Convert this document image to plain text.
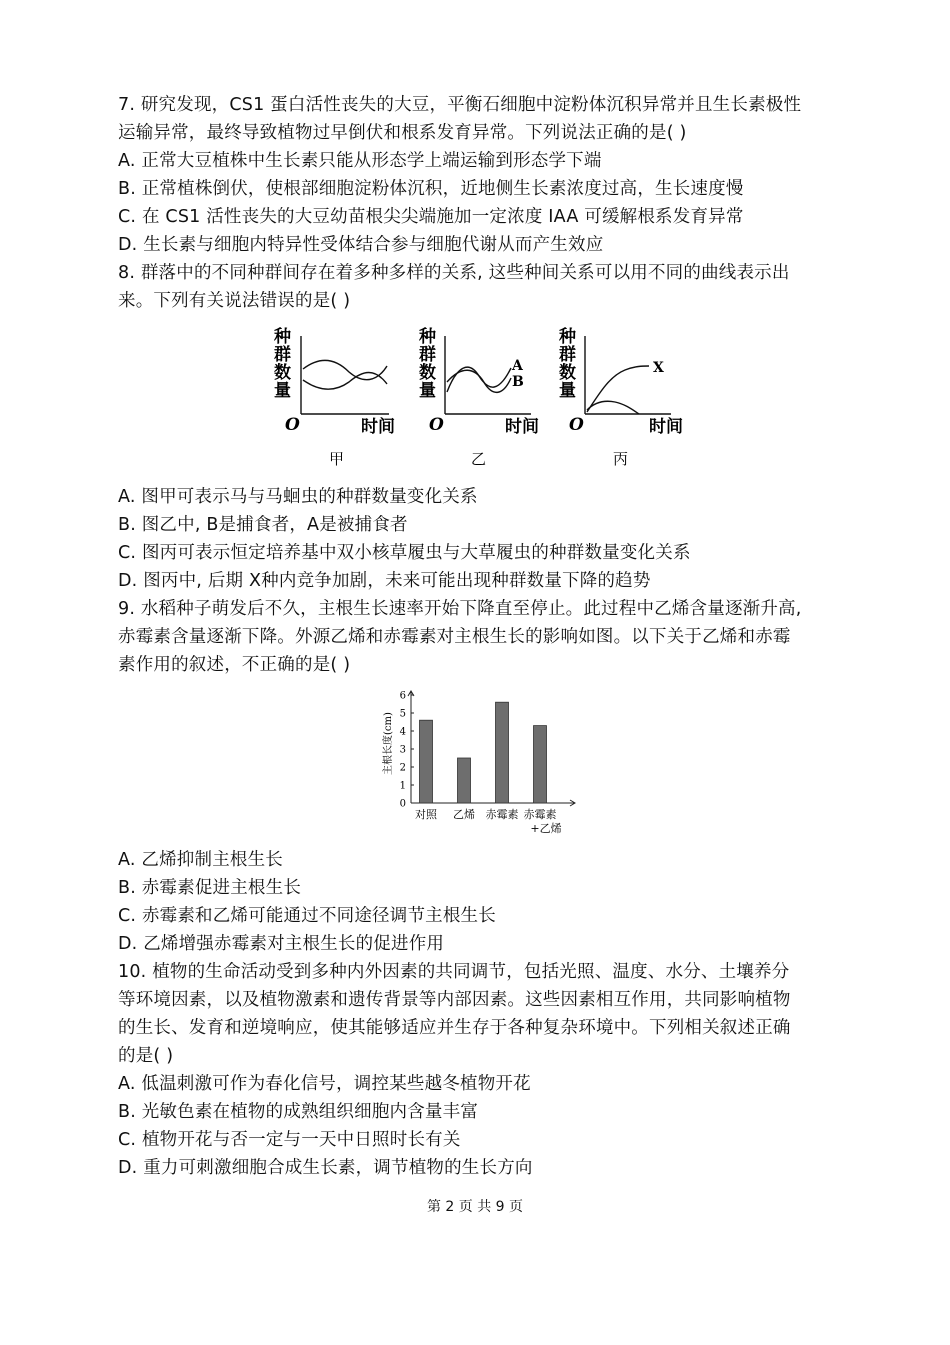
7. 研究发现，CS1 蛋白活性丧失的大豆，平衡石细胞中淀粉体沉积异常并且生长素极性
运输异常，最终导致植物过早倒伏和根系发育异常。下列说法正确的是( )
A. 正常大豆植株中生长素只能从形态学上端运输到形态学下端
B. 正常植株倒伏，使根部细胞淀粉体沉积，近地侧生长素浓度过高，生长速度慢
C. 在 CS1 活性丧失的大豆幼苗根尖尖端施加一定浓度 IAA 可缓解根系发育异常
D. 生长素与细胞内特异性受体结合参与细胞代谢从而产生效应
8. 群落中的不同种群间存在着多种多样的关系, 这些种间关系可以用不同的曲线表示出
来。下列有关说法错误的是( )
种
群
数
量
O	时间
甲
种
群
数
量
A
B
O	时间
乙
种
群
数
量
X
O	时间
丙
A. 图甲可表示马与马蛔虫的种群数量变化关系
B. 图乙中, B是捕食者，A是被捕食者
C. 图丙可表示恒定培养基中双小核草履虫与大草履虫的种群数量变化关系
D. 图丙中, 后期 X种内竞争加剧，未来可能出现种群数量下降的趋势
9. 水稻种子萌发后不久，主根生长速率开始下降直至停止。此过程中乙烯含量逐渐升高,
赤霉素含量逐渐下降。外源乙烯和赤霉素对主根生长的影响如图。以下关于乙烯和赤霉
素作用的叙述，不正确的是( )
主根长度(cm)
0
1
2
3
4
5
6
对照 乙烯 赤霉素 赤霉素
+乙烯
A. 乙烯抑制主根生长
B. 赤霉素促进主根生长
C. 赤霉素和乙烯可能通过不同途径调节主根生长
D. 乙烯增强赤霉素对主根生长的促进作用
10. 植物的生命活动受到多种内外因素的共同调节，包括光照、温度、水分、土壤养分
等环境因素，以及植物激素和遗传背景等内部因素。这些因素相互作用，共同影响植物
的生长、发育和逆境响应，使其能够适应并生存于各种复杂环境中。下列相关叙述正确
的是( )
A. 低温刺激可作为春化信号，调控某些越冬植物开花
B. 光敏色素在植物的成熟组织细胞内含量丰富
C. 植物开花与否一定与一天中日照时长有关
D. 重力可刺激细胞合成生长素，调节植物的生长方向
第 2 页 共 9 页
